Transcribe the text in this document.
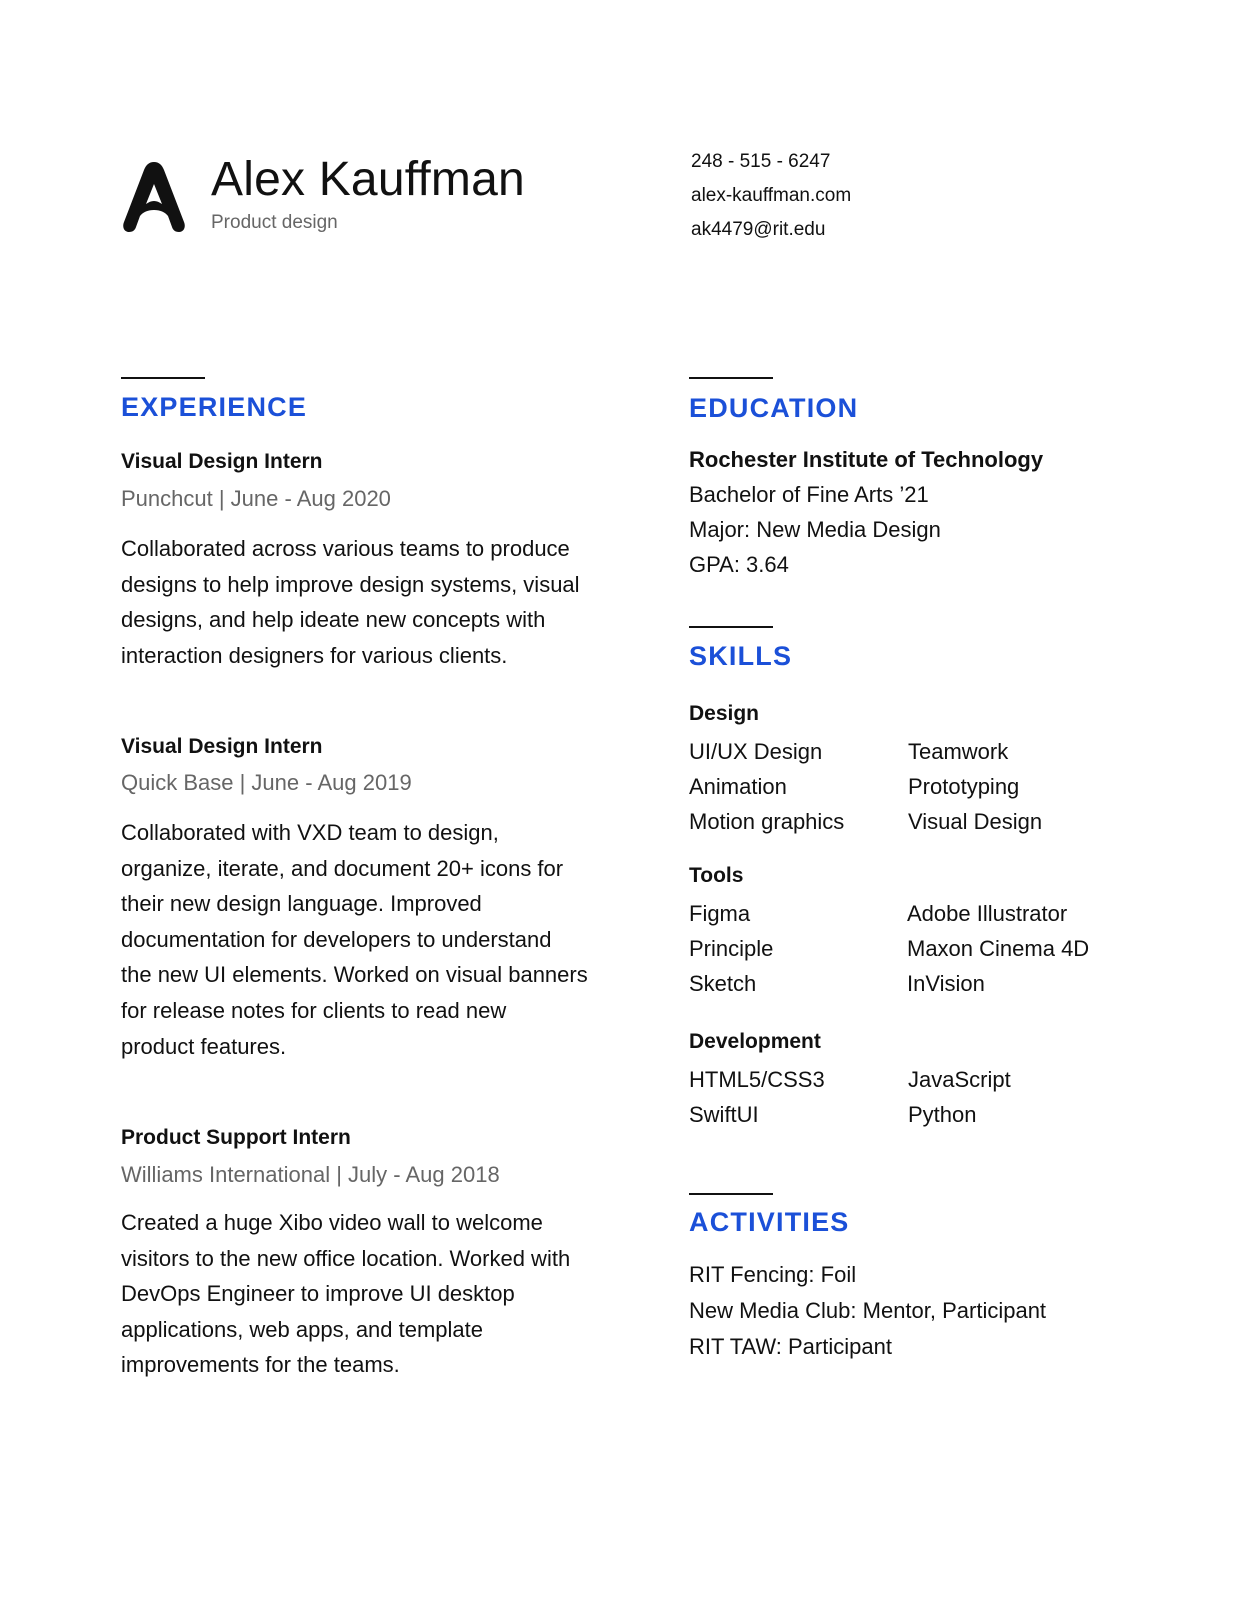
Alex Kauffman
Product design
248 - 515 - 6247
alex-kauffman.com
ak4479@rit.edu
EXPERIENCE
Visual Design Intern
Punchcut | June - Aug 2020
Collaborated across various teams to produce
designs to help improve design systems, visual
designs, and help ideate new concepts with
interaction designers for various clients.
Visual Design Intern
Quick Base | June - Aug 2019
Collaborated with VXD team to design,
organize, iterate, and document 20+ icons for
their new design language. Improved
documentation for developers to understand
the new UI elements. Worked on visual banners
for release notes for clients to read new
product features.
Product Support Intern
Williams International | July - Aug 2018
Created a huge Xibo video wall to welcome
visitors to the new office location. Worked with
DevOps Engineer to improve UI desktop
applications, web apps, and template
improvements for the teams.
EDUCATION
Rochester Institute of Technology
Bachelor of Fine Arts ’21
Major: New Media Design
GPA: 3.64
SKILLS
Design
UI/UX Design
Animation
Motion graphics
Teamwork
Prototyping
Visual Design
Tools
Figma
Principle
Sketch
Adobe Illustrator
Maxon Cinema 4D
InVision
Development
HTML5/CSS3
SwiftUI
JavaScript
Python
ACTIVITIES
RIT Fencing: Foil
New Media Club: Mentor, Participant
RIT TAW: Participant
